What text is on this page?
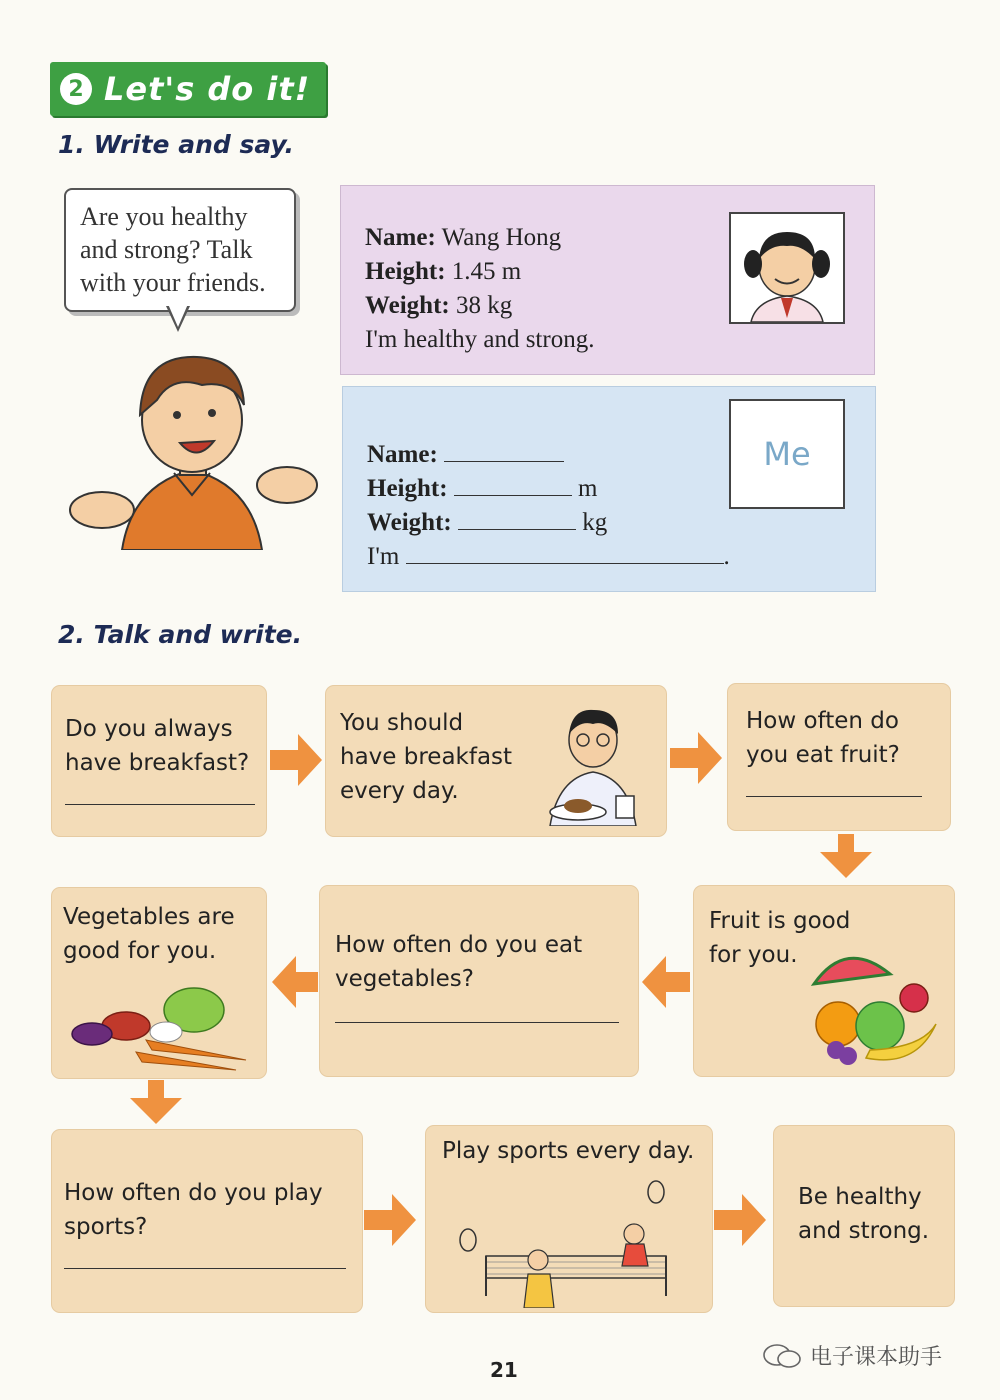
2 Let's do it!
1. Write and say.

Are you healthy
and strong? Talk
with your friends.

Name: Wang Hong
Height: 1.45 m
Weight: 38 kg
I'm healthy and strong.
Name:
Height:	m
Weight:	kg
I'm	.
Me
2. Talk and write.
Do you always
have breakfast?
You should
have breakfast
every day.
How often do
you eat fruit?
Vegetables are
good for you.	How often do you eat
vegetables?
Fruit is good
for you.
How often do you play
sports?
Play sports every day.
Be healthy
and strong.
21	电子课本助手
